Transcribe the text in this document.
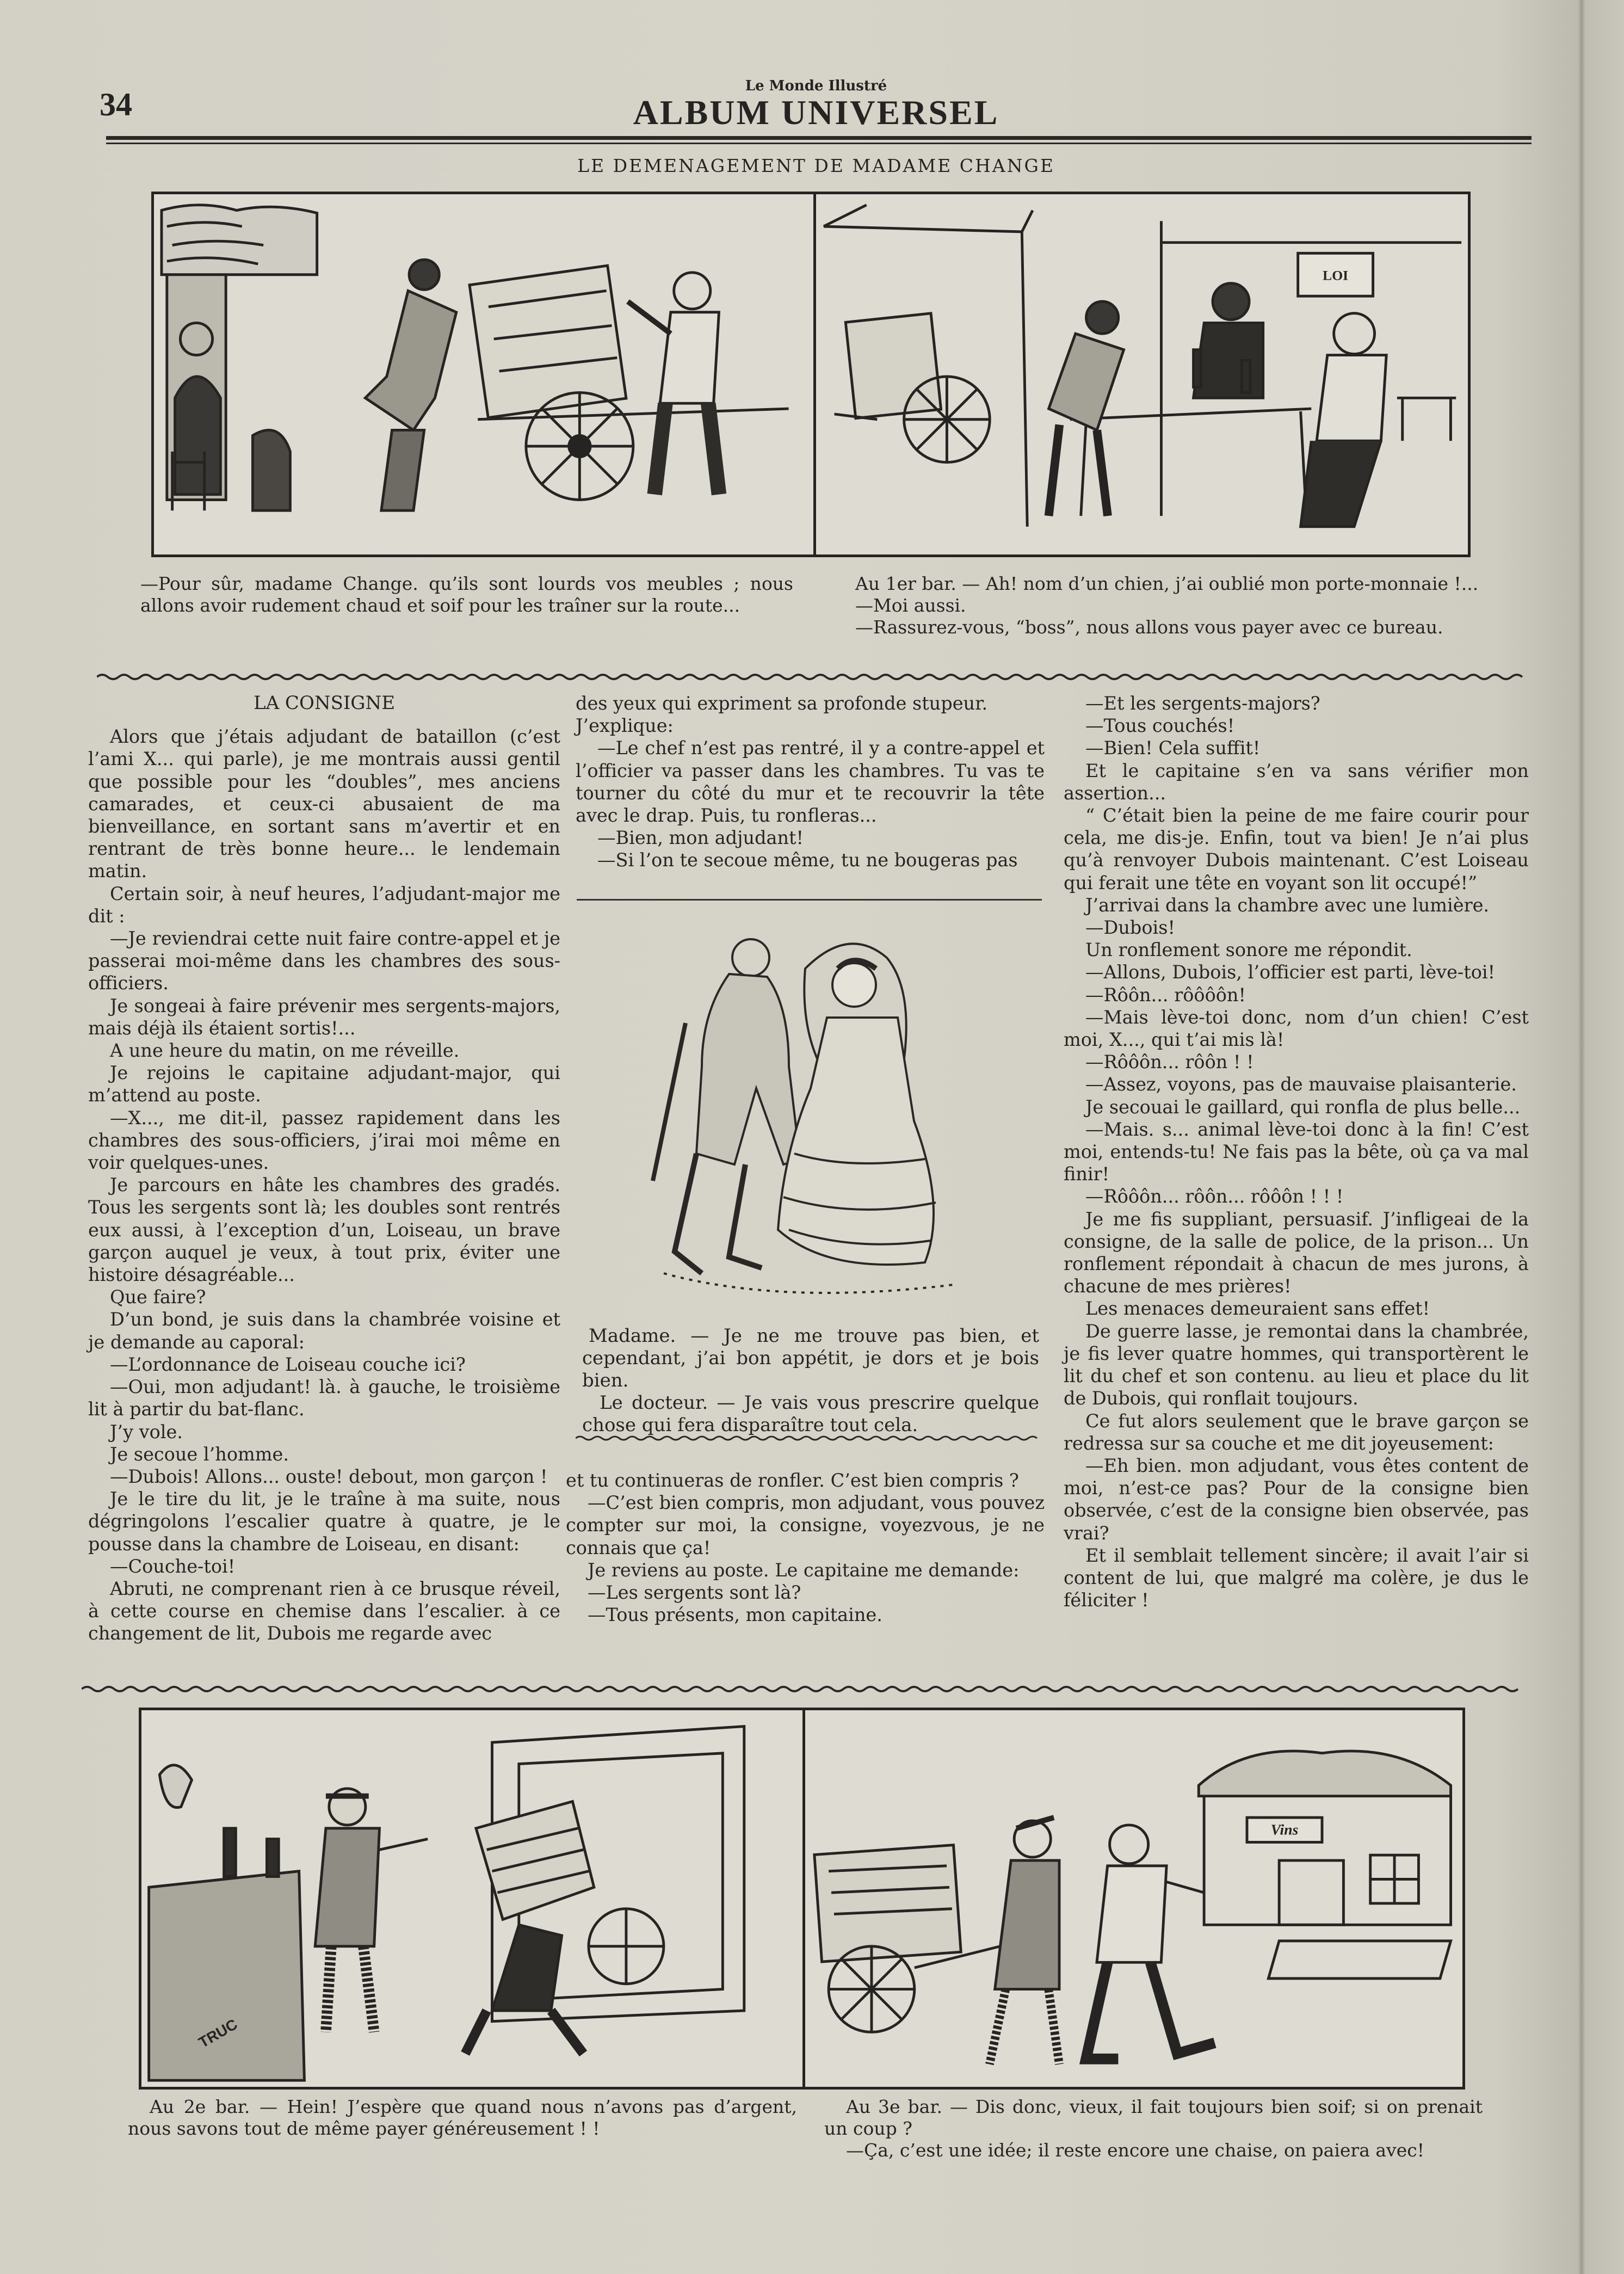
34
Le Monde Illustré
ALBUM UNIVERSEL
LE DEMENAGEMENT DE MADAME CHANGE
LOI
—Pour sûr, madame Change. qu’ils sont lourds vos meubles ; nous allons avoir rudement chaud et soif pour les traîner sur la route...
Au 1er bar. — Ah! nom d’un chien, j’ai oublié mon porte-monnaie !...
—Moi aussi.
—Rassurez-vous, “boss”, nous allons vous payer avec ce bureau.

LA CONSIGNE

Alors que j’étais adjudant de bataillon (c’est l’ami X... qui parle), je me montrais aussi gentil que possible pour les “doubles”, mes anciens camarades, et ceux-ci abusaient de ma bienveillance, en sortant sans m’avertir et en rentrant de très bonne heure... le lendemain matin.

Certain soir, à neuf heures, l’adjudant-major me dit :

—Je reviendrai cette nuit faire contre-appel et je passerai moi-même dans les chambres des sous-officiers.

Je songeai à faire prévenir mes sergents-majors, mais déjà ils étaient sortis!...

A une heure du matin, on me réveille.

Je rejoins le capitaine adjudant-major, qui m’attend au poste.

—X..., me dit-il, passez rapidement dans les chambres des sous-officiers, j’irai moi même en voir quelques-unes.

Je parcours en hâte les chambres des gradés. Tous les sergents sont là; les doubles sont rentrés eux aussi, à l’exception d’un, Loiseau, un brave garçon auquel je veux, à tout prix, éviter une histoire désagréable...

Que faire?

D’un bond, je suis dans la chambrée voisine et je demande au caporal:

—L’ordonnance de Loiseau couche ici?

—Oui, mon adjudant! là. à gauche, le troisième lit à partir du bat-flanc.

J’y vole.

Je secoue l’homme.

—Dubois! Allons... ouste! debout, mon garçon !

Je le tire du lit, je le traîne à ma suite, nous dégringolons l’escalier quatre à quatre, je le pousse dans la chambre de Loiseau, en disant:

—Couche-toi!

Abruti, ne comprenant rien à ce brusque réveil, à cette course en chemise dans l’escalier. à ce changement de lit, Dubois me regarde avec

des yeux qui expriment sa profonde stupeur.

J’explique:

—Le chef n’est pas rentré, il y a contre-appel et l’officier va passer dans les chambres. Tu vas te tourner du côté du mur et te recouvrir la tête avec le drap. Puis, tu ronfleras...

—Bien, mon adjudant!

—Si l’on te secoue même, tu ne bougeras pas

Madame. — Je ne me trouve pas bien, et cependant, j’ai bon appétit, je dors et je bois bien.
Le docteur. — Je vais vous prescrire quelque chose qui fera disparaître tout cela.

et tu continueras de ronfler. C’est bien compris ?

—C’est bien compris, mon adjudant, vous pouvez compter sur moi, la consigne, voyezvous, je ne connais que ça!

Je reviens au poste. Le capitaine me demande:

—Les sergents sont là?

—Tous présents, mon capitaine.

—Et les sergents-majors?

—Tous couchés!

—Bien! Cela suffit!

Et le capitaine s’en va sans vérifier mon assertion...

“ C’était bien la peine de me faire courir pour cela, me dis-je. Enfin, tout va bien! Je n’ai plus qu’à renvoyer Dubois maintenant. C’est Loiseau qui ferait une tête en voyant son lit occupé!”

J’arrivai dans la chambre avec une lumière.

—Dubois!

Un ronflement sonore me répondit.

—Allons, Dubois, l’officier est parti, lève-toi!

—Rôôn... rôôôôn!

—Mais lève-toi donc, nom d’un chien! C’est moi, X..., qui t’ai mis là!

—Rôôôn... rôôn ! !

—Assez, voyons, pas de mauvaise plaisanterie.

Je secouai le gaillard, qui ronfla de plus belle...

—Mais. s... animal lève-toi donc à la fin! C’est moi, entends-tu! Ne fais pas la bête, où ça va mal finir!

—Rôôôn... rôôn... rôôôn ! ! !

Je me fis suppliant, persuasif. J’infligeai de la consigne, de la salle de police, de la prison... Un ronflement répondait à chacun de mes jurons, à chacune de mes prières!

Les menaces demeuraient sans effet!

De guerre lasse, je remontai dans la chambrée, je fis lever quatre hommes, qui transportèrent le lit du chef et son contenu. au lieu et place du lit de Dubois, qui ronflait toujours.

Ce fut alors seulement que le brave garçon se redressa sur sa couche et me dit joyeusement:

—Eh bien. mon adjudant, vous êtes content de moi, n’est-ce pas? Pour de la consigne bien observée, c’est de la consigne bien observée, pas vrai?

Et il semblait tellement sincère; il avait l’air si content de lui, que malgré ma colère, je dus le féliciter !

TRUC
Vins
Au 2e bar. — Hein! J’espère que quand nous n’avons pas d’argent, nous savons tout de même payer généreusement ! !
Au 3e bar. — Dis donc, vieux, il fait toujours bien soif; si on prenait un coup ?
—Ça, c’est une idée; il reste encore une chaise, on paiera avec!
